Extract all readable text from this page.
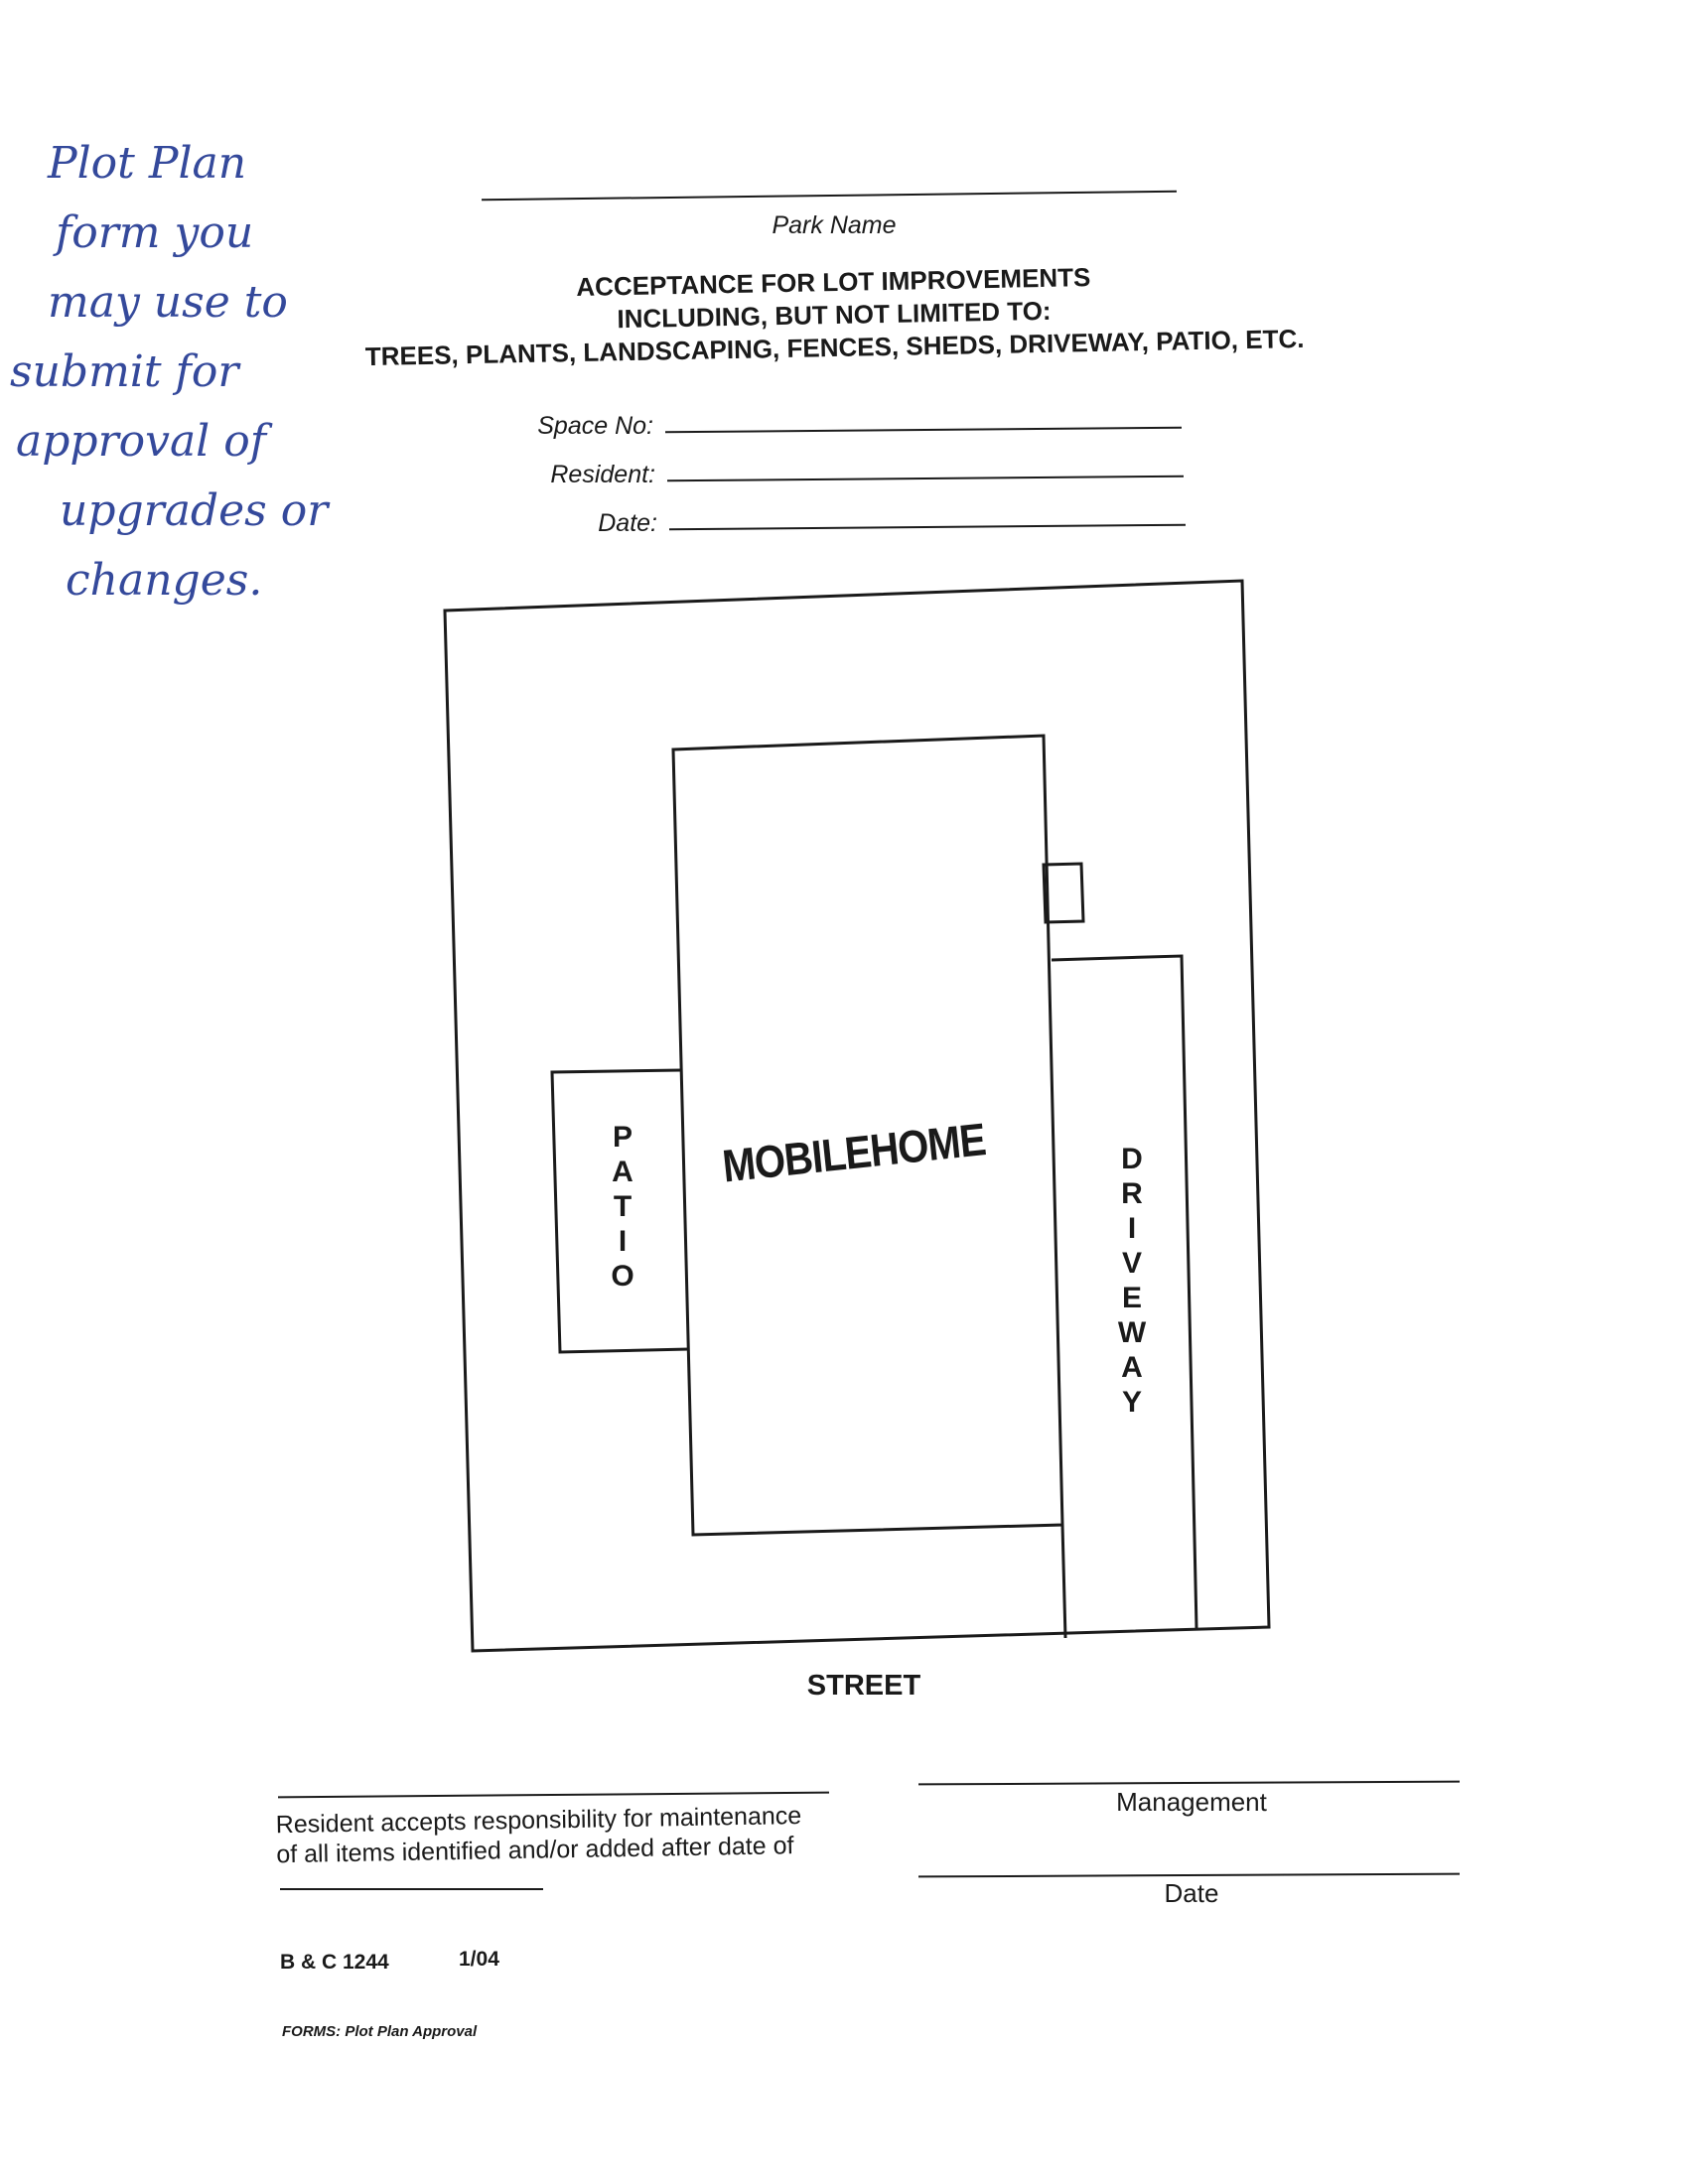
Plot Plan
form you
may use to
submit for
approval of
upgrades or
changes.
Park Name
ACCEPTANCE FOR LOT IMPROVEMENTS
INCLUDING, BUT NOT LIMITED TO:
TREES, PLANTS, LANDSCAPING, FENCES, SHEDS, DRIVEWAY, PATIO, ETC.
Space No:
Resident:
Date:
P
A
T
I
O
MOBILEHOME	D
R
I
V
E
W
A
Y
STREET
Resident accepts responsibility for maintenance
of all items identified and/or added after date of
Management
Date
B & C 1244	1/04
FORMS: Plot Plan Approval
